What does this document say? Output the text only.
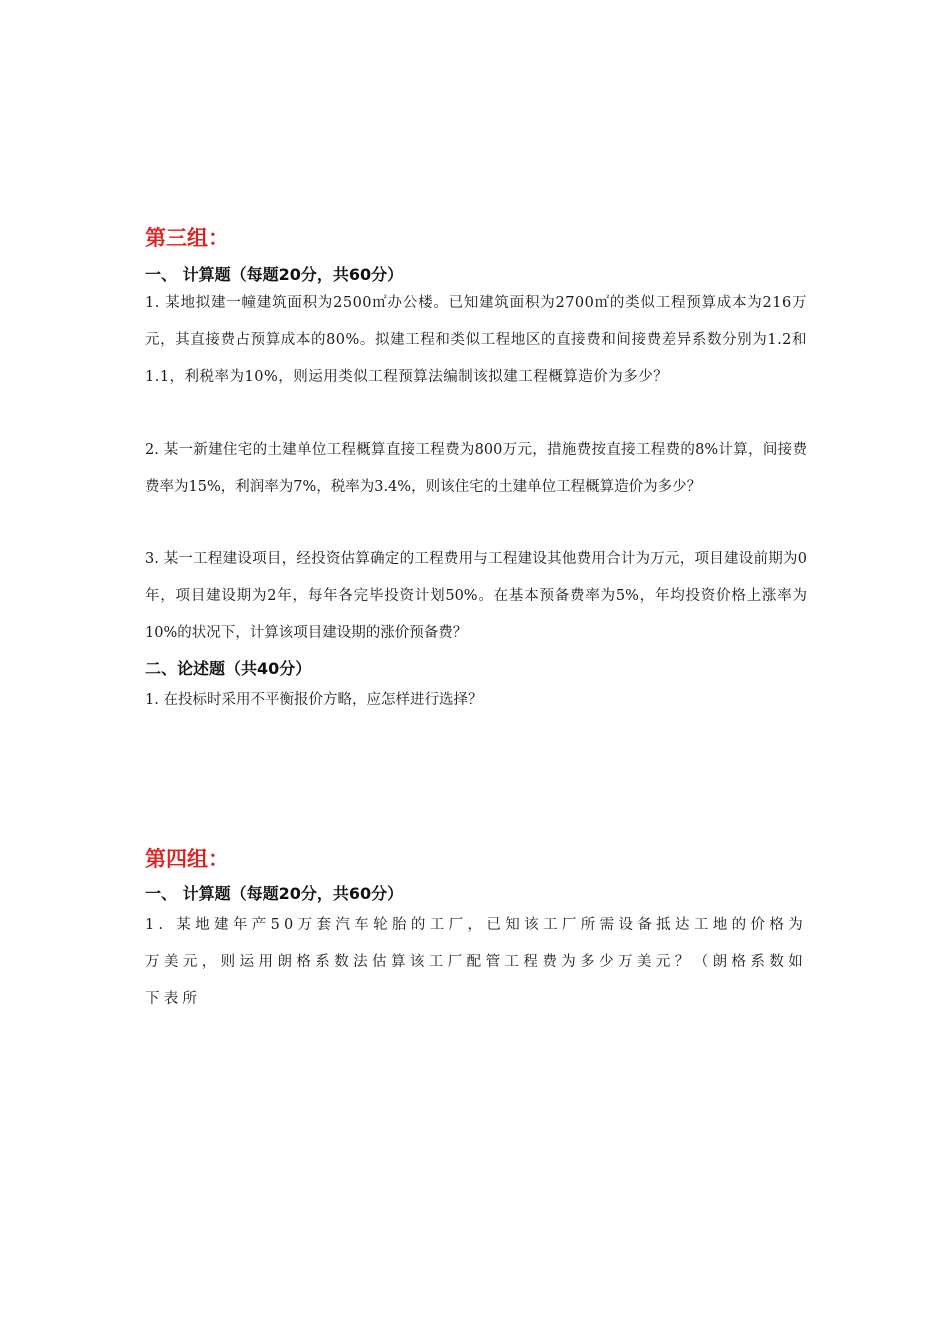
第三组：
一、 计算题（每题20分，共60分）
1. 某地拟建一幢建筑面积为2500㎡办公楼。已知建筑面积为2700㎡的类似工程预算成本为216万元，其直接费占预算成本的80%。拟建工程和类似工程地区的直接费和间接费差异系数分别为1.2和1.1，利税率为10%，则运用类似工程预算法编制该拟建工程概算造价为多少？
2. 某一新建住宅的土建单位工程概算直接工程费为800万元，措施费按直接工程费的8%计算，间接费费率为15%，利润率为7%，税率为3.4%，则该住宅的土建单位工程概算造价为多少？
3. 某一工程建设项目，经投资估算确定的工程费用与工程建设其他费用合计为万元，项目建设前期为0年，项目建设期为2年，每年各完毕投资计划50%。在基本预备费率为5%，年均投资价格上涨率为10%的状况下，计算该项目建设期的涨价预备费？
二、论述题（共40分）
1. 在投标时采用不平衡报价方略，应怎样进行选择？
第四组：
一、 计算题（每题20分，共60分）
1. 某地建年产50万套汽车轮胎的工厂，已知该工厂所需设备抵达工地的价格为万美元，则运用朗格系数法估算该工厂配管工程费为多少万美元？（朗格系数如下表所
